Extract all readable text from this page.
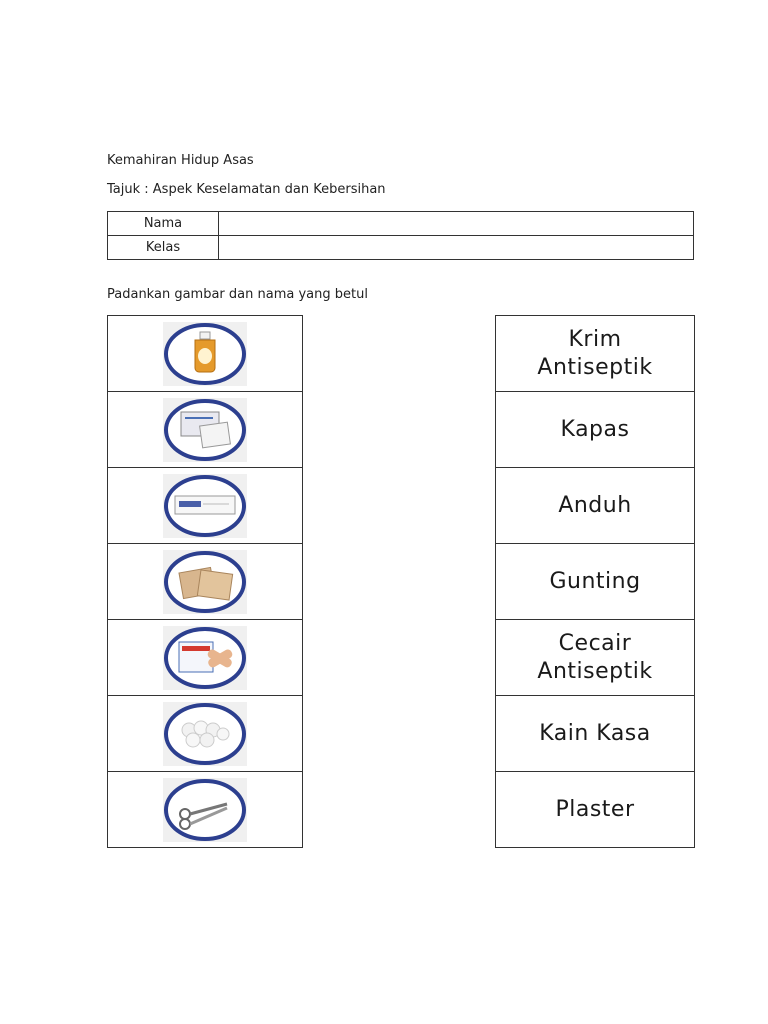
Kemahiran Hidup Asas
Tajuk : Aspek Keselamatan dan Kebersihan
Nama	
Kelas	
Padankan gambar dan nama yang betul
Krim
Antiseptik
Kapas
Anduh
Gunting
Cecair
Antiseptik
Kain Kasa
Plaster
